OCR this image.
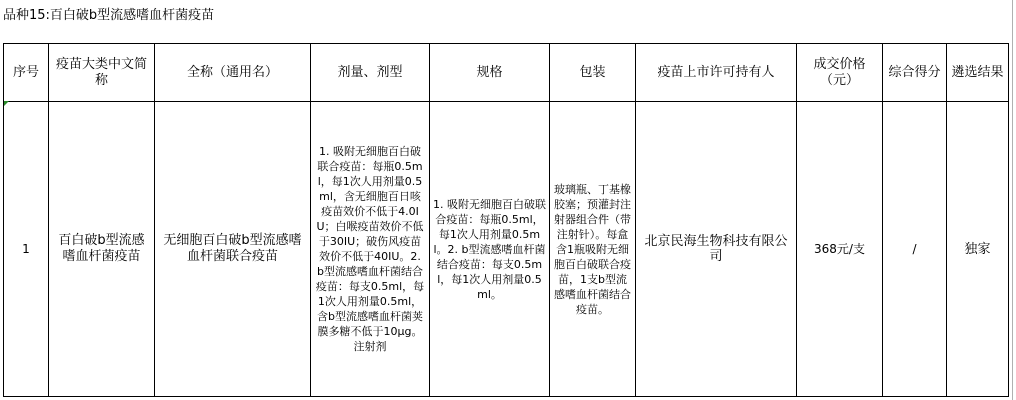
品种15:百白破b型流感嗜血杆菌疫苗
序号	疫苗大类中文简称	全称（通用名）	剂量、剂型	规格	包装	疫苗上市许可持有人	成交价格（元）	综合得分	遴选结果
1	百白破b型流感嗜血杆菌疫苗	无细胞百白破b型流感嗜血杆菌联合疫苗	1. 吸附无细胞百白破联合疫苗：每瓶0.5ml，每1次人用剂量0.5ml，含无细胞百日咳疫苗效价不低于4.0IU；白喉疫苗效价不低于30IU；破伤风疫苗效价不低于40IU。2. b型流感嗜血杆菌结合疫苗：每支0.5ml，每1次人用剂量0.5ml，含b型流感嗜血杆菌荚膜多糖不低于10μg。注射剂	1. 吸附无细胞百白破联合疫苗：每瓶0.5ml，每1次人用剂量0.5ml。2. b型流感嗜血杆菌结合疫苗：每支0.5ml，每1次人用剂量0.5ml。	玻璃瓶、丁基橡胶塞；预灌封注射器组合件（带注射针）。每盒含1瓶吸附无细胞百白破联合疫苗，1支b型流感嗜血杆菌结合疫苗。	北京民海生物科技有限公司	368元/支	/	独家
